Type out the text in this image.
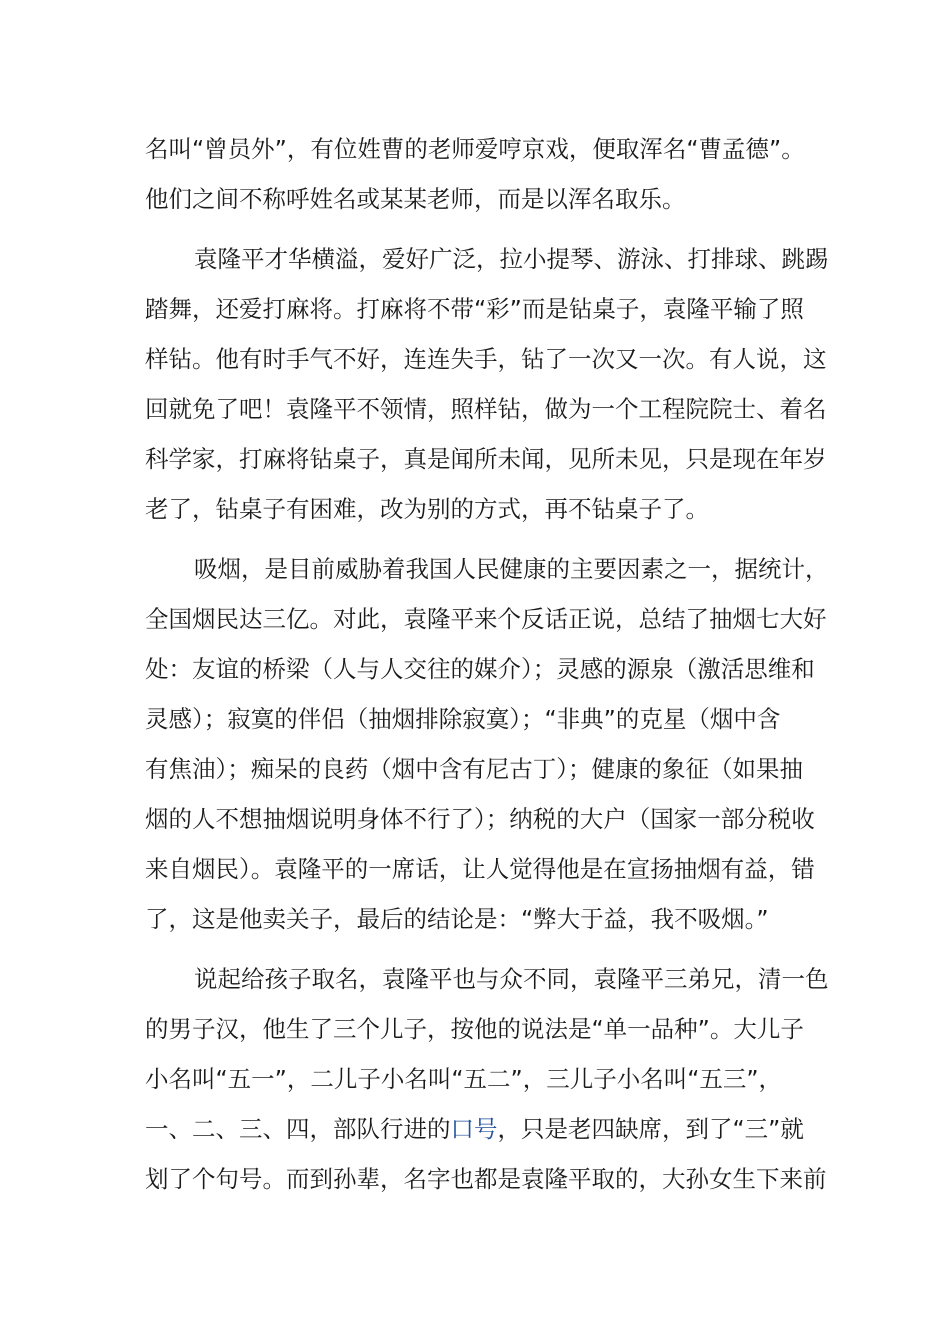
名叫“曾员外”，有位姓曹的老师爱哼京戏，便取浑名“曹孟德”。
他们之间不称呼姓名或某某老师，而是以浑名取乐。
袁隆平才华横溢，爱好广泛，拉小提琴、游泳、打排球、跳踢
踏舞，还爱打麻将。打麻将不带“彩”而是钻桌子，袁隆平输了照
样钻。他有时手气不好，连连失手，钻了一次又一次。有人说，这
回就免了吧！袁隆平不领情，照样钻，做为一个工程院院士、着名
科学家，打麻将钻桌子，真是闻所未闻，见所未见，只是现在年岁
老了，钻桌子有困难，改为别的方式，再不钻桌子了。
吸烟，是目前威胁着我国人民健康的主要因素之一，据统计，
全国烟民达三亿。对此，袁隆平来个反话正说，总结了抽烟七大好
处：友谊的桥梁（人与人交往的媒介）；灵感的源泉（激活思维和
灵感）；寂寞的伴侣（抽烟排除寂寞）；“非典”的克星（烟中含
有焦油）；痴呆的良药（烟中含有尼古丁）；健康的象征（如果抽
烟的人不想抽烟说明身体不行了）；纳税的大户（国家一部分税收
来自烟民）。袁隆平的一席话，让人觉得他是在宣扬抽烟有益，错
了，这是他卖关子，最后的结论是：“弊大于益，我不吸烟。”
说起给孩子取名，袁隆平也与众不同，袁隆平三弟兄，清一色
的男子汉，他生了三个儿子，按他的说法是“单一品种”。大儿子
小名叫“五一”，二儿子小名叫“五二”，三儿子小名叫“五三”，
一、二、三、四，部队行进的口号，只是老四缺席，到了“三”就
划了个句号。而到孙辈，名字也都是袁隆平取的，大孙女生下来前
